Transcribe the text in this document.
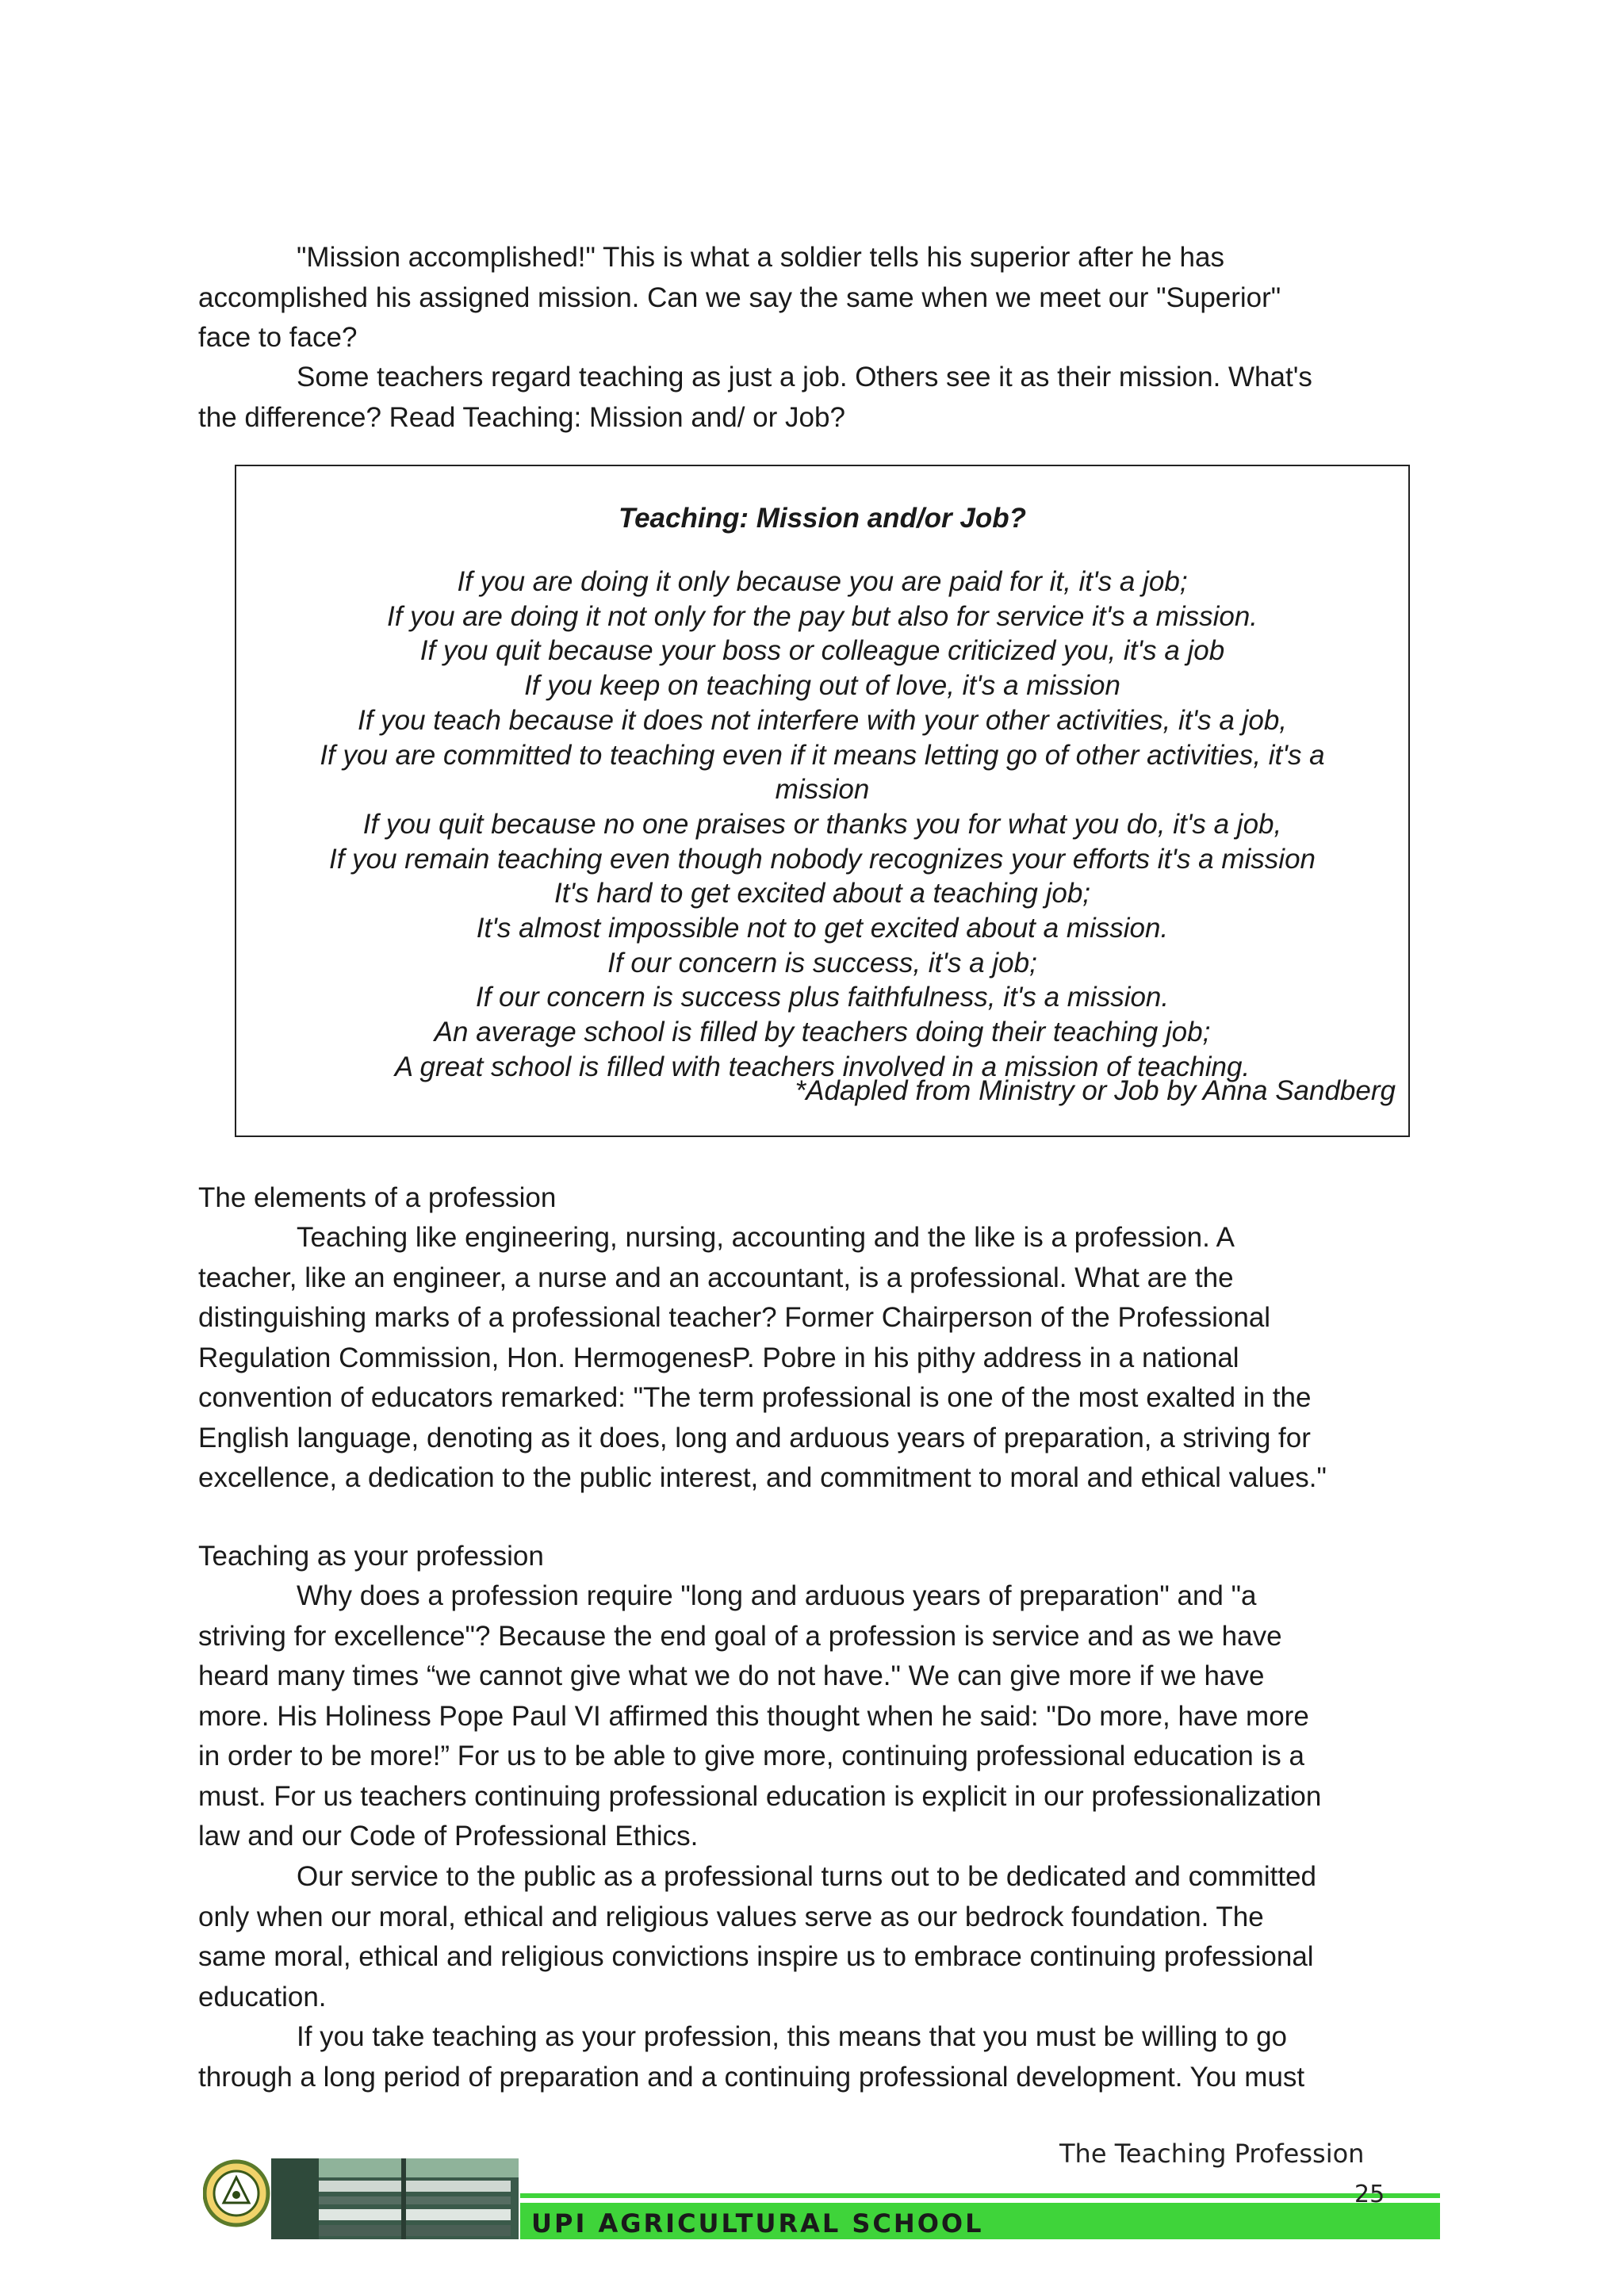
"Mission accomplished!" This is what a soldier tells his superior after he has
accomplished his assigned mission. Can we say the same when we meet our "Superior"
face to face?

Some teachers regard teaching as just a job. Others see it as their mission. What's
the difference? Read Teaching: Mission and/ or Job?

Teaching: Mission and/or Job?
If you are doing it only because you are paid for it, it's a job;
If you are doing it not only for the pay but also for service it's a mission.
If you quit because your boss or colleague criticized you, it's a job
If you keep on teaching out of love, it's a mission
If you teach because it does not interfere with your other activities, it's a job,
If you are committed to teaching even if it means letting go of other activities, it's a
mission
If you quit because no one praises or thanks you for what you do, it's a job,
If you remain teaching even though nobody recognizes your efforts it's a mission
It's hard to get excited about a teaching job;
It's almost impossible not to get excited about a mission.
If our concern is success, it's a job;
If our concern is success plus faithfulness, it's a mission.
An average school is filled by teachers doing their teaching job;
A great school is filled with teachers involved in a mission of teaching.
*Adapled from Ministry or Job by Anna Sandberg

The elements of a profession

Teaching like engineering, nursing, accounting and the like is a profession. A
teacher, like an engineer, a nurse and an accountant, is a professional. What are the
distinguishing marks of a professional teacher? Former Chairperson of the Professional
Regulation Commission, Hon. HermogenesP. Pobre in his pithy address in a national
convention of educators remarked: "The term professional is one of the most exalted in the
English language, denoting as it does, long and arduous years of preparation, a striving for
excellence, a dedication to the public interest, and commitment to moral and ethical values."

Teaching as your profession

Why does a profession require "long and arduous years of preparation" and "a
striving for excellence"? Because the end goal of a profession is service and as we have
heard many times “we cannot give what we do not have." We can give more if we have
more. His Holiness Pope Paul VI affirmed this thought when he said: "Do more, have more
in order to be more!” For us to be able to give more, continuing professional education is a
must. For us teachers continuing professional education is explicit in our professionalization
law and our Code of Professional Ethics.

Our service to the public as a professional turns out to be dedicated and committed
only when our moral, ethical and religious values serve as our bedrock foundation. The
same moral, ethical and religious convictions inspire us to embrace continuing professional
education.

If you take teaching as your profession, this means that you must be willing to go
through a long period of preparation and a continuing professional development. You must

The Teaching Profession
UPI AGRICULTURAL SCHOOL
25
